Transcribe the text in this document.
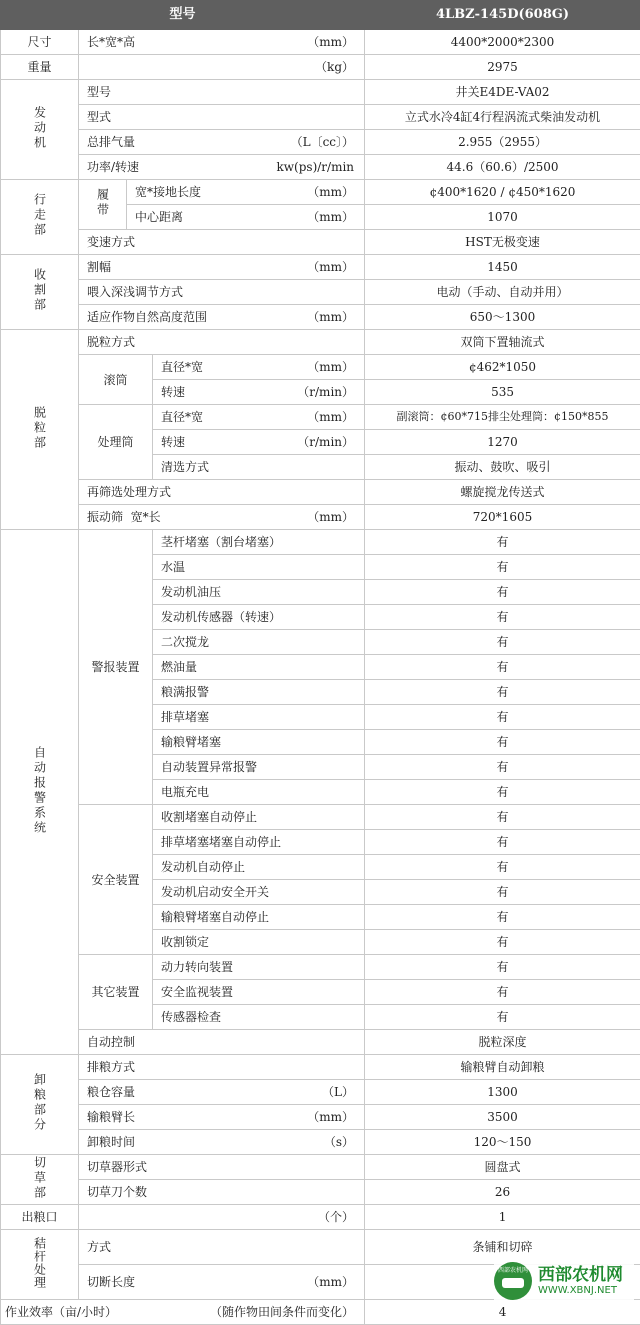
型号				4LBZ-145D(608G)
尺寸	长*宽*高 （mm）			4400*2000*2300
重量	（kg）			2975
发动机	型号			井关E4DE-VA02
	型式			立式水冷4缸4行程涡流式柴油发动机

	总排气量 （L〔cc〕）			2.955（2955）

	功率/转速 kw(ps)/r/min			44.6（60.6）/2500
行走部	履带	宽*接地长度 （mm）		¢400*1620 / ¢450*1620

		中心距离 （mm）		1070
	变速方式			HST无极变速
收割部	割幅 （mm）			1450
	喂入深浅调节方式			电动（手动、自动并用）

	适应作物自然高度范围 （mm）			650～1300
脱粒部	脱粒方式			双筒下置轴流式
	滚筒		直径*宽 （mm）	¢462*1050

			转速 （r/min）	535
	处理筒		直径*宽 （mm）	副滚筒：¢60*715排尘处理筒：¢150*855

			转速 （r/min）	1270
			清选方式	振动、鼓吹、吸引
	再筛选处理方式			螺旋搅龙传送式

	振动筛 宽*长 （mm）			720*1605
自动报警系统	警报装置		茎杆堵塞（割台堵塞）	有
			水温	有
			发动机油压	有
			发动机传感器（转速）	有
			二次搅龙	有
			燃油量	有
			粮满报警	有
			排草堵塞	有
			输粮臂堵塞	有
			自动装置异常报警	有
			电瓶充电	有
	安全装置		收割堵塞自动停止	有
			排草堵塞堵塞自动停止	有
			发动机自动停止	有
			发动机启动安全开关	有
			输粮臂堵塞自动停止	有
			收割锁定	有
	其它装置		动力转向装置	有
			安全监视装置	有
			传感器检查	有
	自动控制			脱粒深度
卸粮部分	排粮方式			输粮臂自动卸粮

	粮仓容量 （L）			1300

	输粮臂长 （mm）			3500

	卸粮时间 （s）			120～150
切草部	切草器形式			圆盘式
	切草刀个数			26
出粮口	（个）			1
秸杆处理	方式			条铺和切碎

	切断长度 （mm）

作业效率（亩/小时） （随作物田间条件而变化）				4
西部农机网 西部农机网
WWW.XBNJ.NET
